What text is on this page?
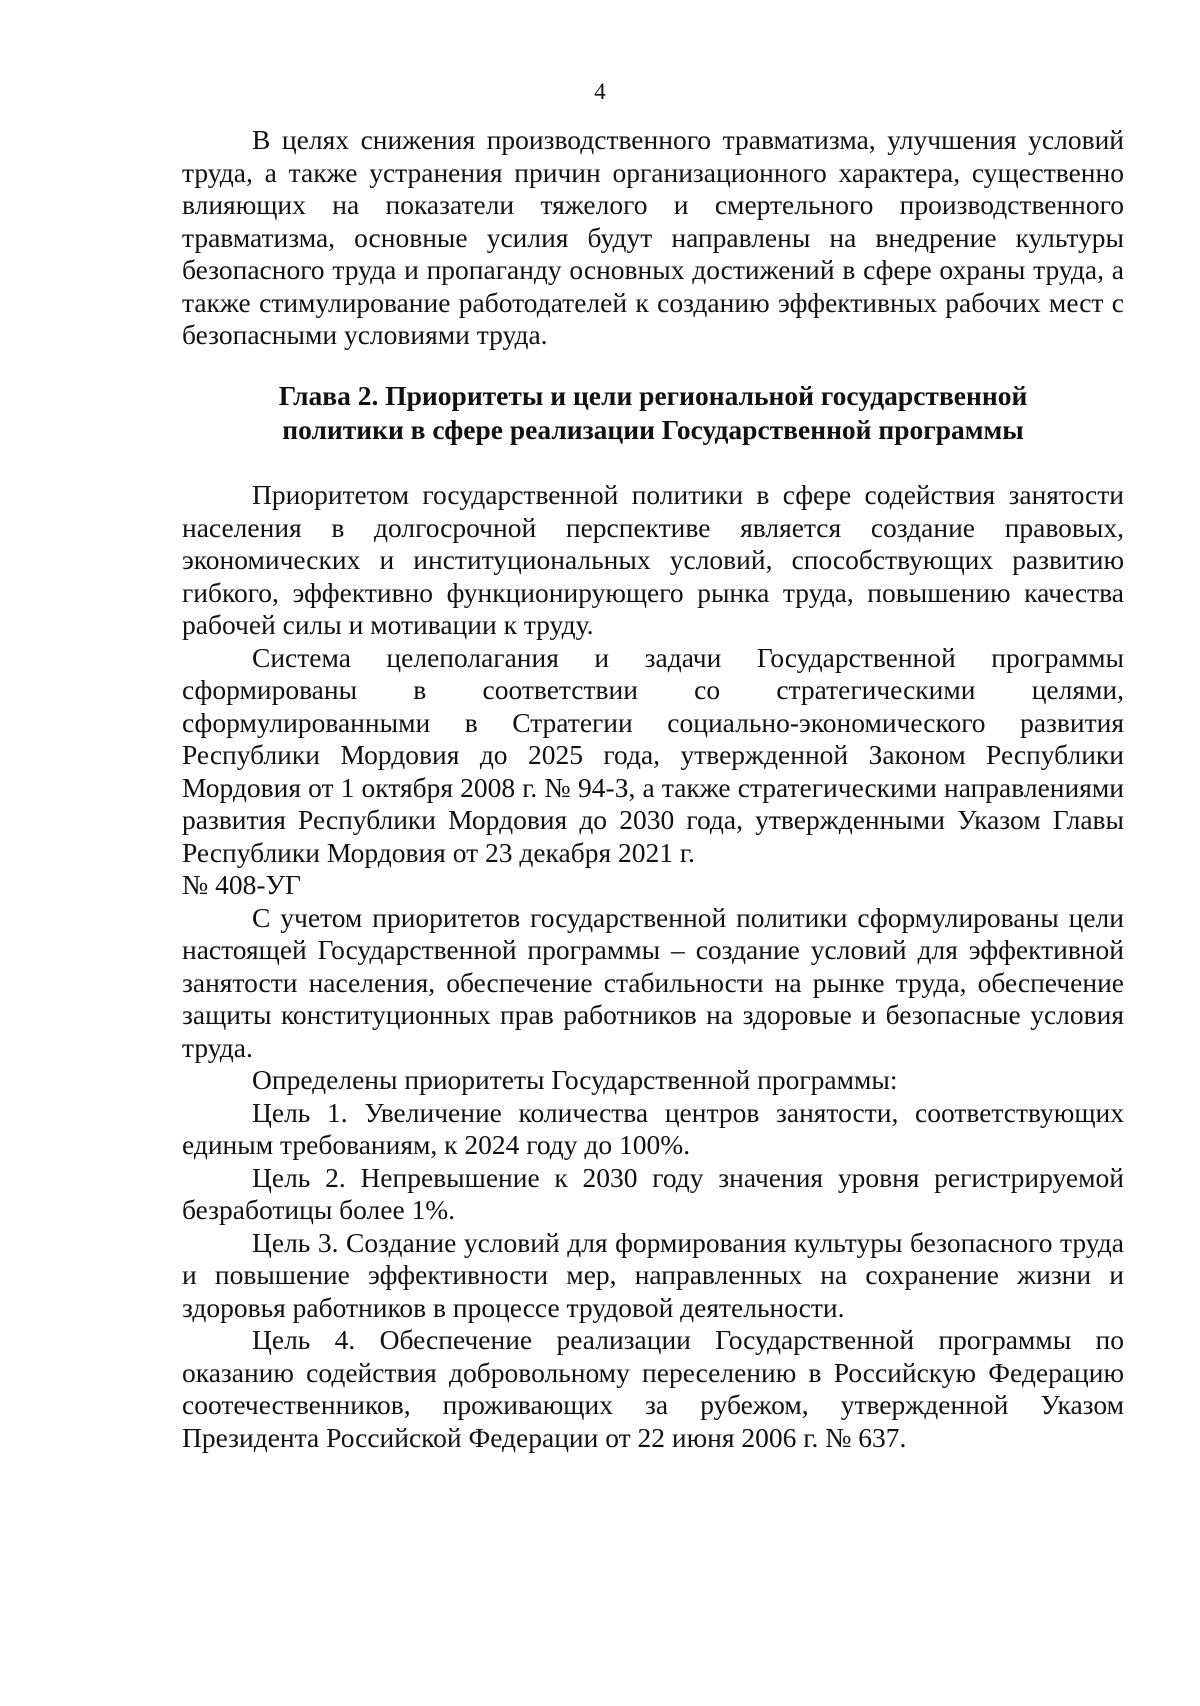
4

В целях снижения производственного травматизма, улучшения условий труда, а также устранения причин организационного характера, существенно влияющих на показатели тяжелого и смертельного производственного травматизма, основные усилия будут направлены на внедрение культуры безопасного труда и пропаганду основных достижений в сфере охраны труда, а также стимулирование работодателей к созданию эффективных рабочих мест с безопасными условиями труда.

Глава 2. Приоритеты и цели региональной государственной
политики в сфере реализации Государственной программы

Приоритетом государственной политики в сфере содействия занятости населения в долгосрочной перспективе является создание правовых, экономических и институциональных условий, способствующих развитию гибкого, эффективно функционирующего рынка труда, повышению качества рабочей силы и мотивации к труду.

Система целеполагания и задачи Государственной программы сформированы в соответствии со стратегическими целями, сформулированными в Стратегии социально-экономического развития Республики Мордовия до 2025 года, утвержденной Законом Республики Мордовия от 1 октября 2008 г. № 94-З, а также стратегическими направлениями развития Республики Мордовия до 2030 года, утвержденными Указом Главы Республики Мордовия от 23 декабря 2021 г.

№ 408-УГ

С учетом приоритетов государственной политики сформулированы цели настоящей Государственной программы – создание условий для эффективной занятости населения, обеспечение стабильности на рынке труда, обеспечение защиты конституционных прав работников на здоровые и безопасные условия труда.

Определены приоритеты Государственной программы:

Цель 1. Увеличение количества центров занятости, соответствующих единым требованиям, к 2024 году до 100%.

Цель 2. Непревышение к 2030 году значения уровня регистрируемой безработицы более 1%.

Цель 3. Создание условий для формирования культуры безопасного труда и повышение эффективности мер, направленных на сохранение жизни и здоровья работников в процессе трудовой деятельности.

Цель 4. Обеспечение реализации Государственной программы по оказанию содействия добровольному переселению в Российскую Федерацию соотечественников, проживающих за рубежом, утвержденной Указом Президента Российской Федерации от 22 июня 2006 г. № 637.
